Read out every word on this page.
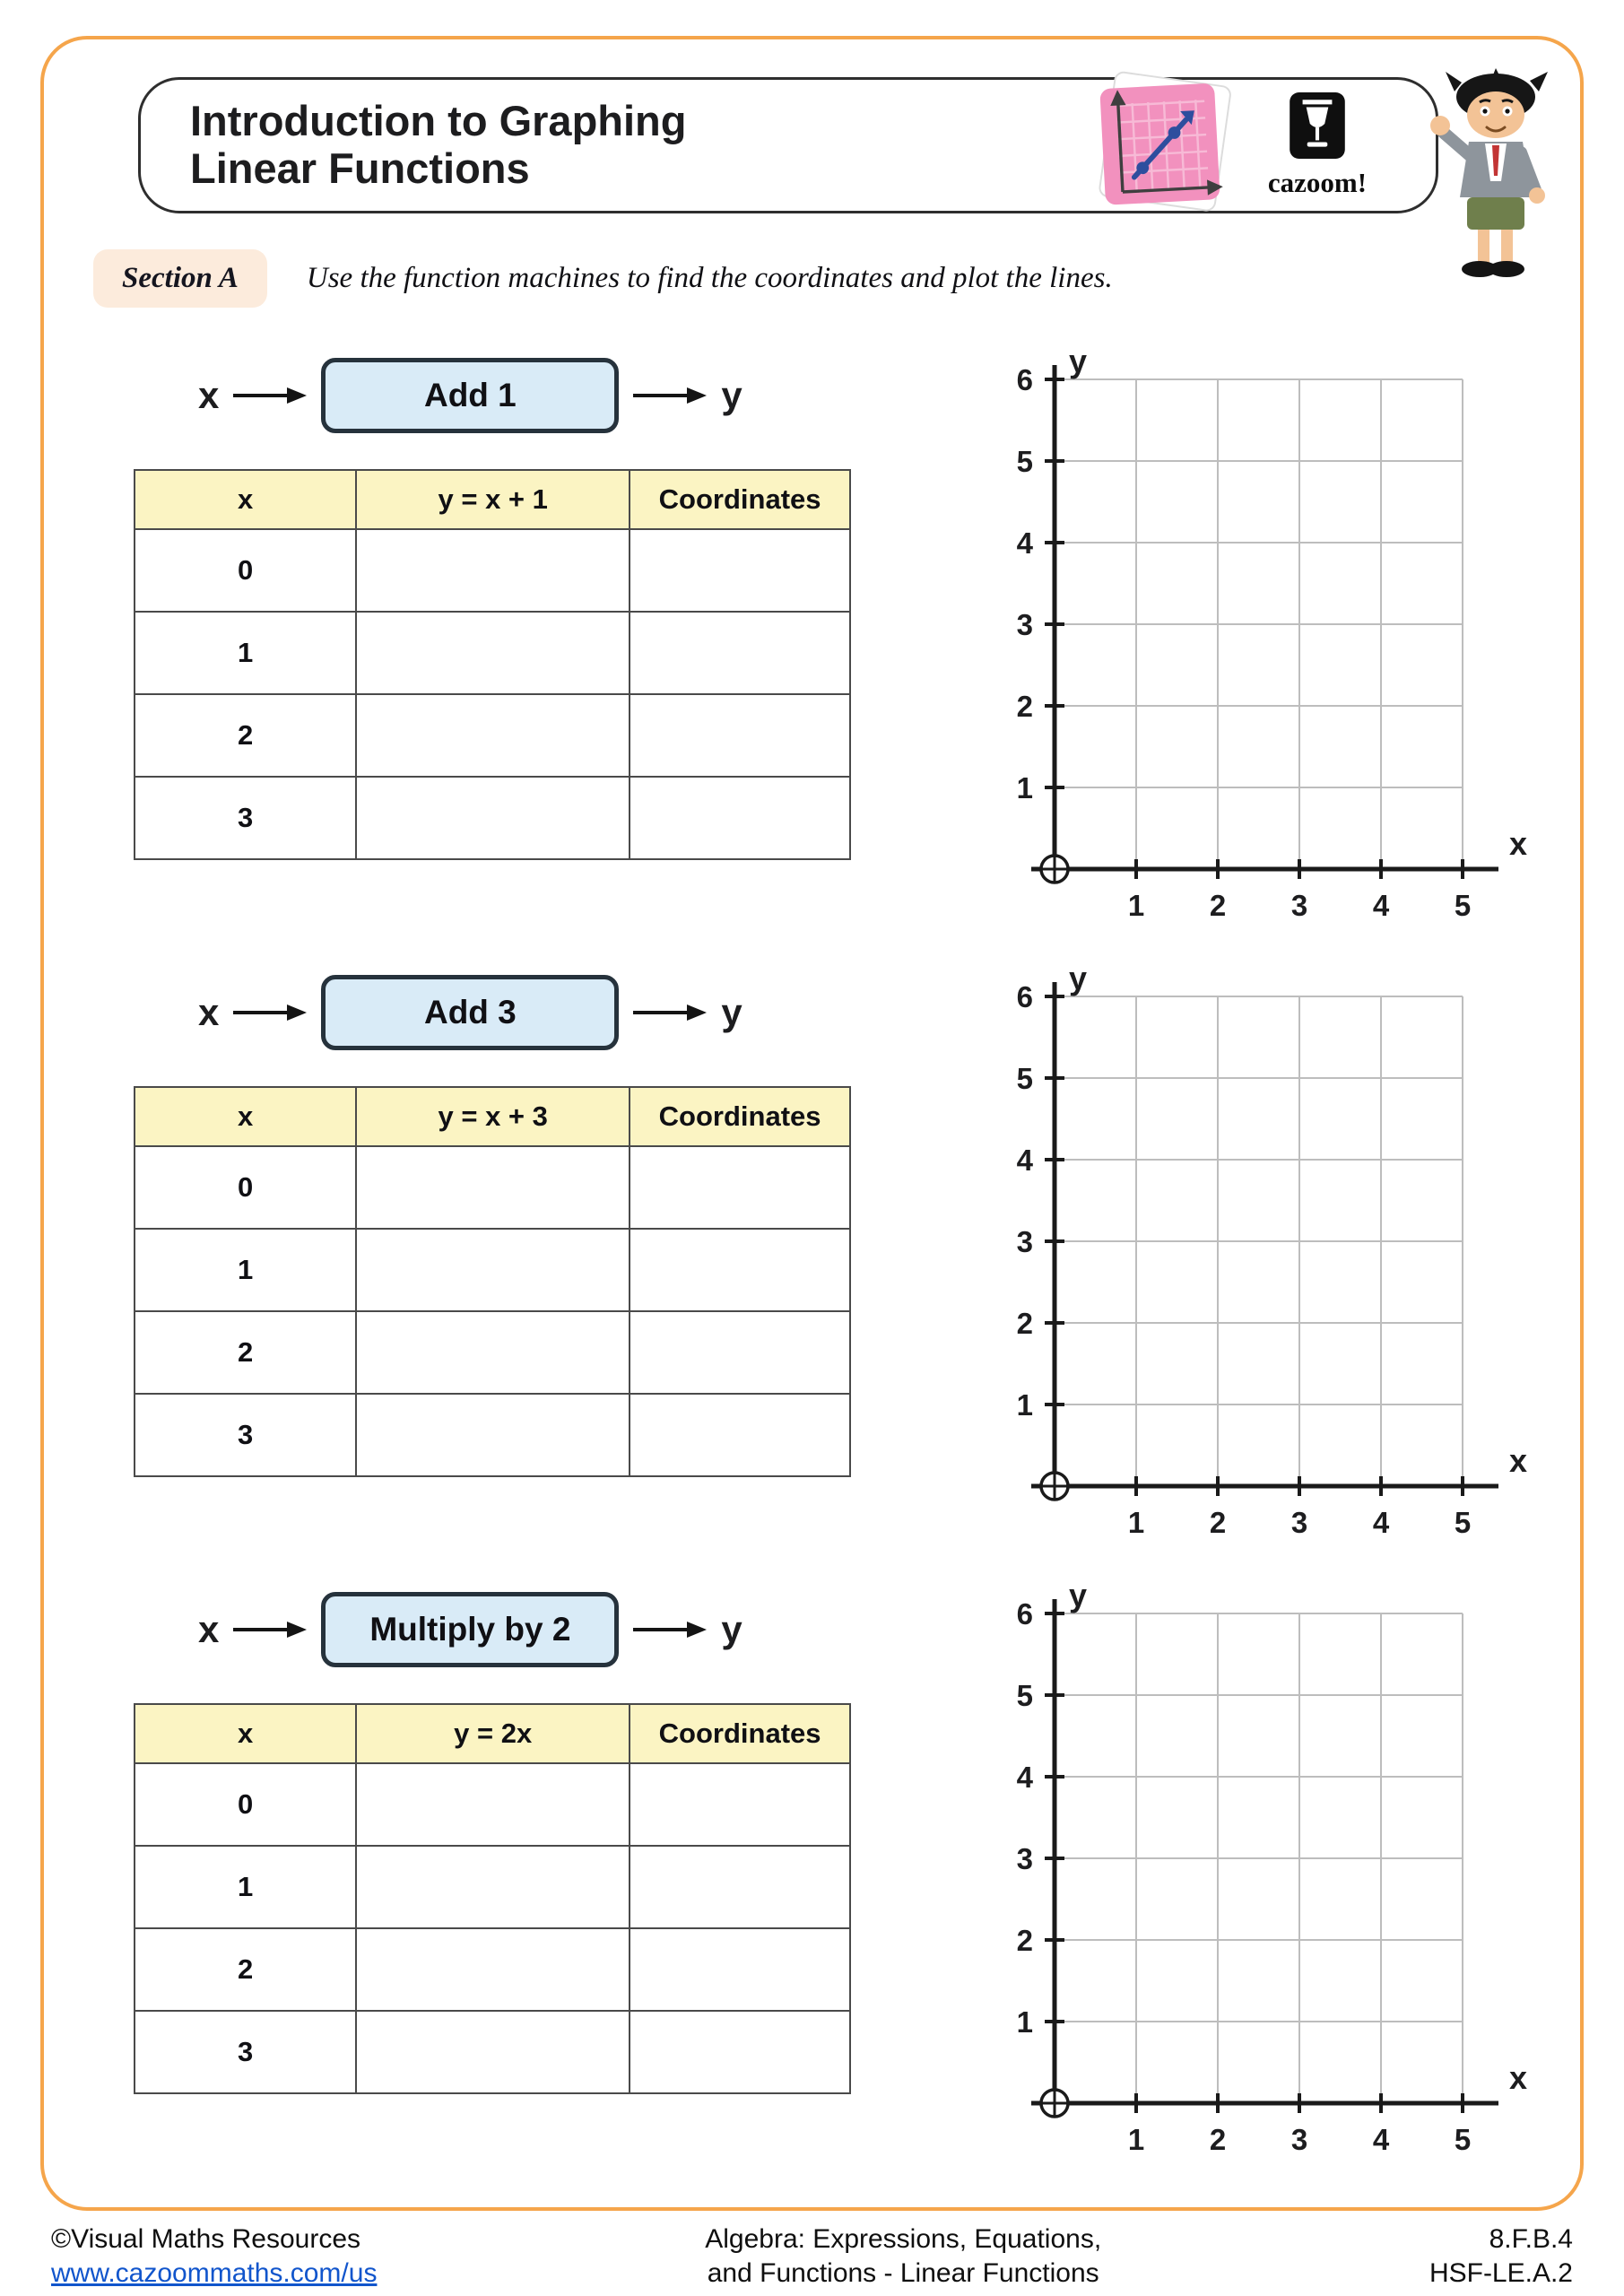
Introduction to Graphing
Linear Functions	cazoom!
Section A	Use the function machines to find the coordinates and plot the lines.
x	Add 1	y
x	y = x + 1	Coordinates
0		
1		
2		
3		
1 2 3 4 5
1
2
3
4
5
6
y
x
x	Add 3	y
x	y = x + 3	Coordinates
0		
1		
2		
3		
1 2 3 4 5
1
2
3
4
5
6
y
x
x	Multiply by 2	y
x	y = 2x	Coordinates
0		
1		
2		
3		
1 2 3 4 5
1
2
3
4
5
6
y
x
©Visual Maths Resources
www.cazoommaths.com/us
Algebra: Expressions, Equations,
and Functions - Linear Functions
8.F.B.4
HSF-LE.A.2
